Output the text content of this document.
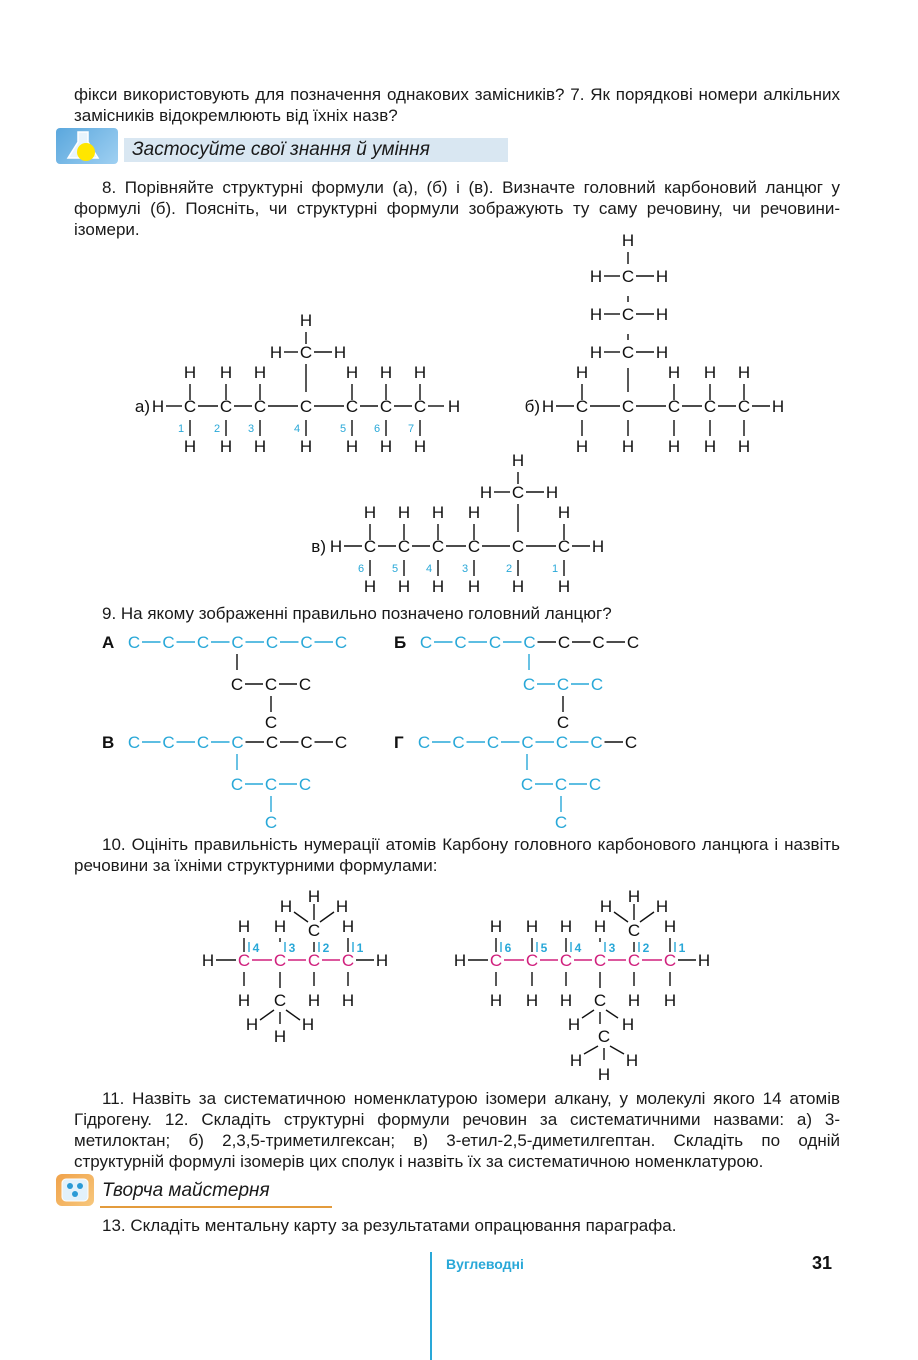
фікси використовують для позначення однакових замісників? 7. Як порядкові номери алкільних замісників відокремлюють від їхніх назв?
Застосуйте свої знання й уміння
8. Порівняйте структурні формули (а), (б) і (в). Визначте головний карбоновий ланцюг у формулі (б). Поясніть, чи структурні формули зображують ту саму речовину, чи речовини-ізомери.
а) H C
H
H
1
C
H
H
2
C
H
H
3
C
H
4
C
H
H
5
C
H
H
6
C
H
H
7
H
C
H	H
H
б) H C
H
H
C
H
C
H
H
C
H
H
C
H
H
H
C
H	H
C
H	H
C
H	H
H
в) H C
H
H
6
C
H
H
5
C
H
H
4
C
H
H
3
C
H
2
C
H
H
1
H
C
H	H
H
А C C C C C C C
C C C
C
Б C C C C C C C
C C C
C
В C C C C C C C
C C C
C
Г C C C C C C C
C C C
C
9. На якому зображенні правильно позначено головний ланцюг?
10. Оцініть правильність нумерації атомів Карбону головного карбонового ланцюга і назвіть речовини за їхніми структурними формулами:
H C
4
C
3
C
2
C
1
H
H	H
H C
H	H
H
H	H H
C
H	H
H
H C
6
C
5
C
4
C
3
C
2
C
1
H
H H H	H
H C
H	H
H
H H H	H H
C
H H
C
H	H
H
11. Назвіть за систематичною номенклатурою ізомери алкану, у молекулі якого 14 атомів Гідрогену. 12. Складіть структурні формули речовин за систематичними назвами: а) 3-метилоктан; б) 2,3,5-триметилгексан; в) 3-етил-2,5-диметилгептан. Складіть по одній структурній формулі ізомерів цих сполук і назвіть їх за систематичною номенклатурою.
Творча майстерня
13. Складіть ментальну карту за результатами опрацювання параграфа.
Вуглеводні	31
